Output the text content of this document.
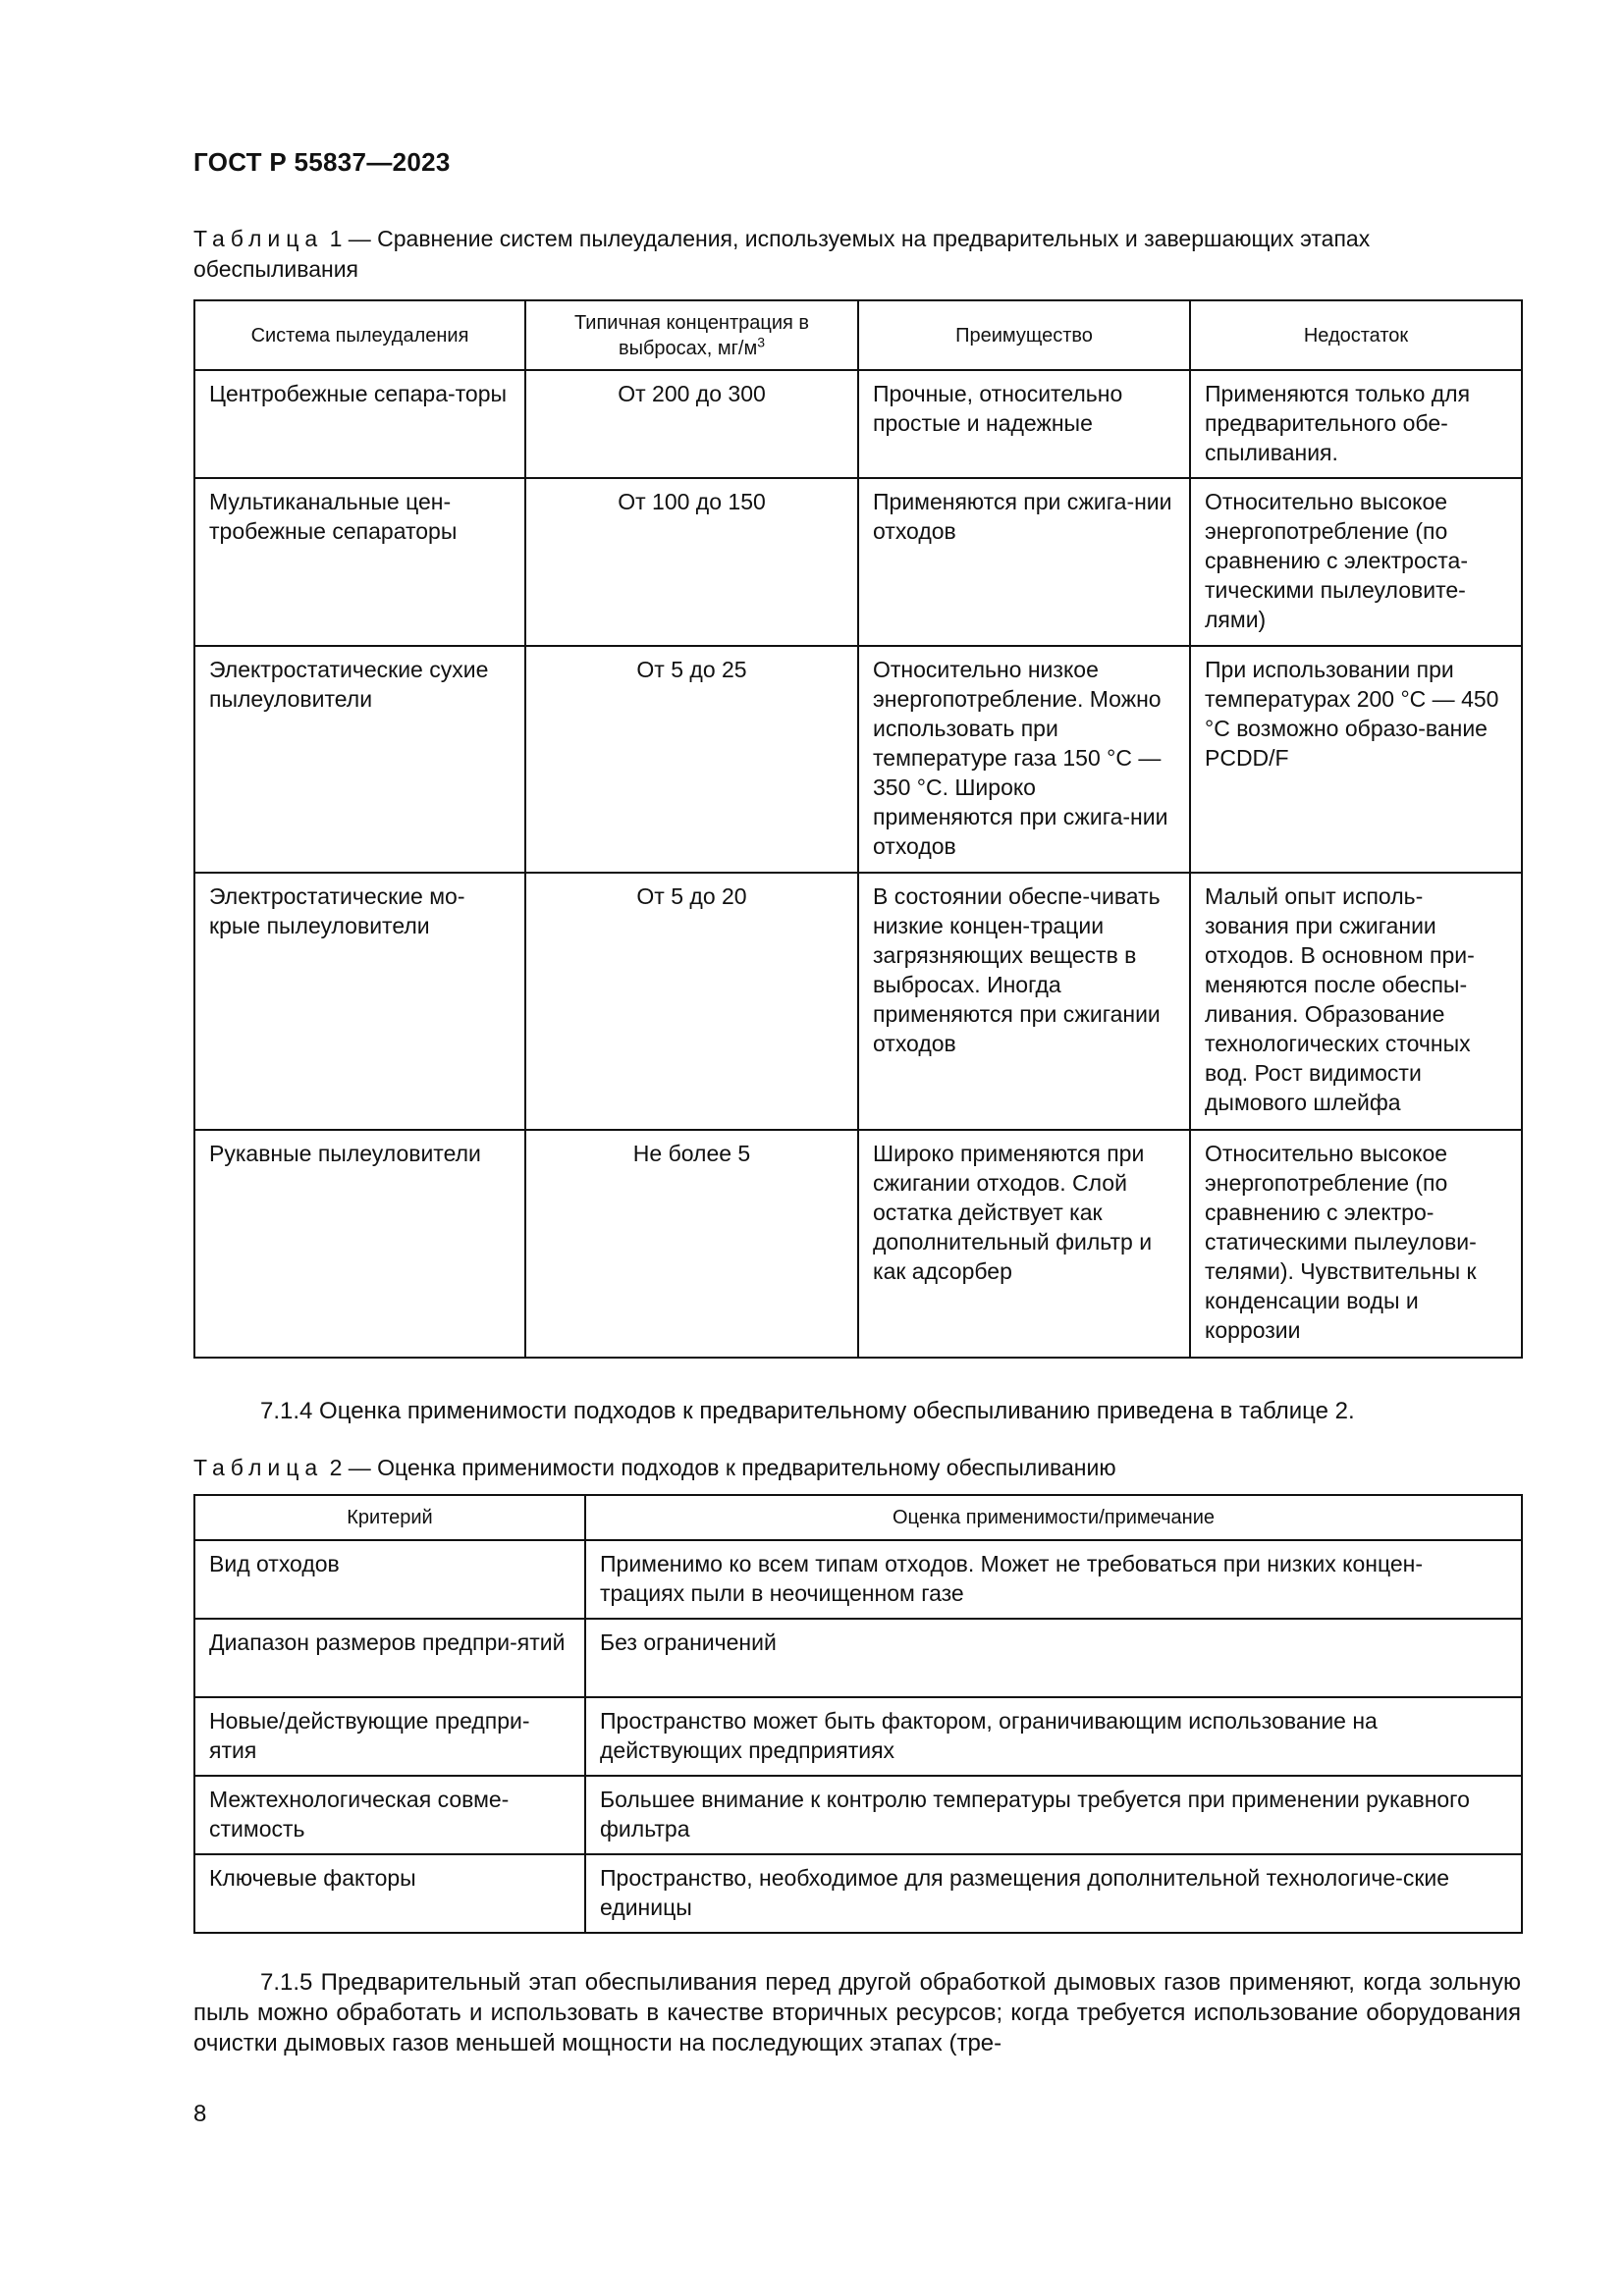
ГОСТ Р 55837—2023
Таблица 1 — Сравнение систем пылеудаления, используемых на предварительных и завершающих этапах обеспыливания
Система пылеудаления	Типичная концентрация в выбросах, $мг/м^3$	Преимущество	Недостаток
Центробежные сепара-торы	От 200 до 300	Прочные, относительно простые и надежные	Применяются только для предварительного обе-спыливания.
Мультиканальные цен-тробежные сепараторы	От 100 до 150	Применяются при сжига-нии отходов	Относительно высокое энергопотребление (по сравнению с электроста-тическими пылеуловите-лями)
Электростатические сухие пылеуловители	От 5 до 25	Относительно низкое энергопотребление. Можно использовать при температуре газа 150 °С — 350 °С. Широко применяются при сжига-нии отходов	При использовании при температурах 200 °С — 450 °С возможно образо-вание PCDD/F
Электростатические мо-крые пылеуловители	От 5 до 20	В состоянии обеспе-чивать низкие концен-трации загрязняющих веществ в выбросах. Иногда применяются при сжигании отходов	Малый опыт исполь-зования при сжигании отходов. В основном при-меняются после обеспы-ливания. Образование технологических сточных вод. Рост видимости дымового шлейфа
Рукавные пылеуловители	Не более 5	Широко применяются при сжигании отходов. Слой остатка действует как дополнительный фильтр и как адсорбер	Относительно высокое энергопотребление (по сравнению с электро-статическими пылеулови-телями). Чувствительны к конденсации воды и коррозии
7.1.4 Оценка применимости подходов к предварительному обеспыливанию приведена в таблице 2.
Таблица 2 — Оценка применимости подходов к предварительному обеспыливанию
Критерий	Оценка применимости/примечание
Вид отходов	Применимо ко всем типам отходов. Может не требоваться при низких концен-трациях пыли в неочищенном газе
Диапазон размеров предпри-ятий	Без ограничений
Новые/действующие предпри-ятия	Пространство может быть фактором, ограничивающим использование на действующих предприятиях
Межтехнологическая совме-стимость	Большее внимание к контролю температуры требуется при применении рукавного фильтра
Ключевые факторы	Пространство, необходимое для размещения дополнительной технологиче-ские единицы
7.1.5 Предварительный этап обеспыливания перед другой обработкой дымовых газов применяют, когда зольную пыль можно обработать и использовать в качестве вторичных ресурсов; когда требуется использование оборудования очистки дымовых газов меньшей мощности на последующих этапах (тре-
8
